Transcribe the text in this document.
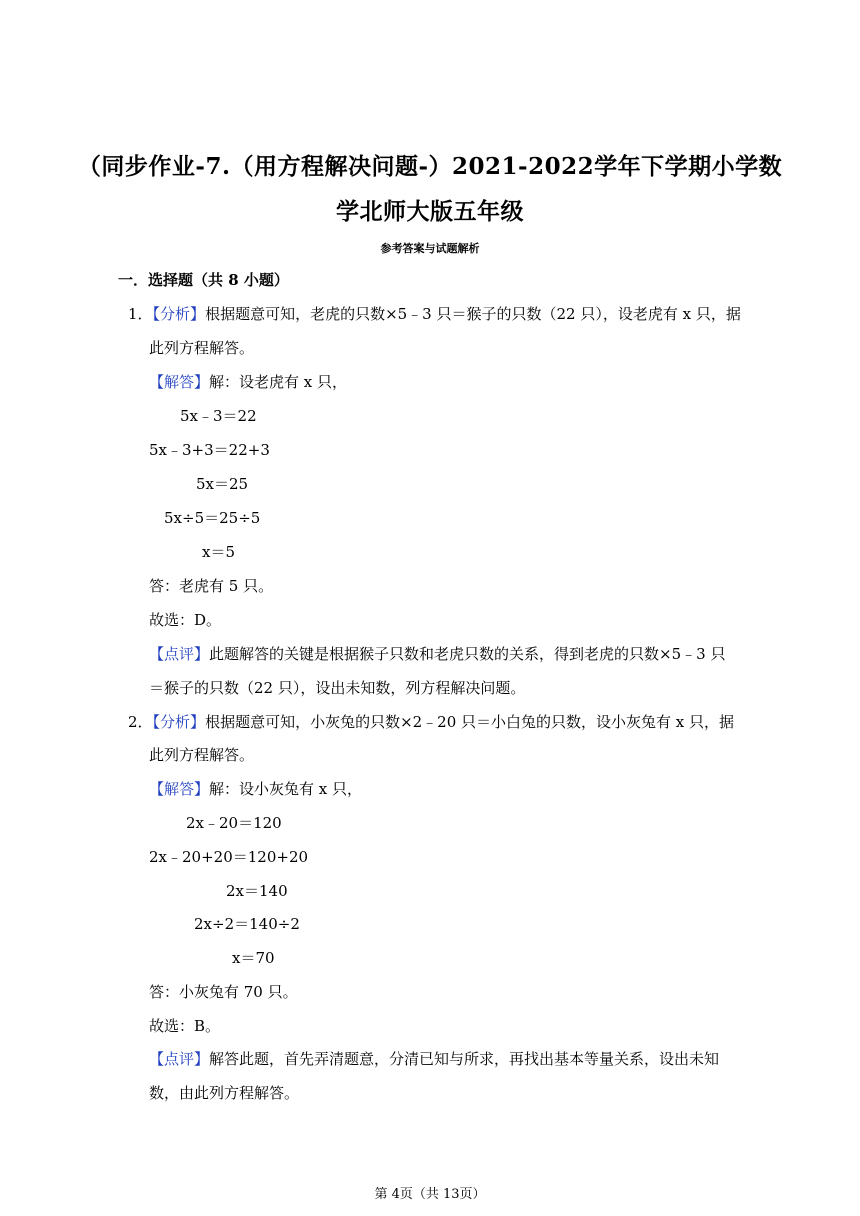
（同步作业-7.（用方程解决问题-）2021-2022学年下学期小学数
学北师大版五年级
参考答案与试题解析
一．选择题（共 8 小题）
1．【分析】根据题意可知，老虎的只数×5﹣3 只＝猴子的只数（22 只），设老虎有 x 只，据
此列方程解答。
【解答】解：设老虎有 x 只，
5x﹣3＝22
5x﹣3+3＝22+3
5x＝25
5x÷5＝25÷5
x＝5
答：老虎有 5 只。
故选：D。
【点评】此题解答的关键是根据猴子只数和老虎只数的关系，得到老虎的只数×5﹣3 只
＝猴子的只数（22 只），设出未知数，列方程解决问题。
2．【分析】根据题意可知，小灰兔的只数×2﹣20 只＝小白兔的只数，设小灰兔有 x 只，据
此列方程解答。
【解答】解：设小灰兔有 x 只，
2x﹣20＝120
2x﹣20+20＝120+20
2x＝140
2x÷2＝140÷2
x＝70
答：小灰兔有 70 只。
故选：B。
【点评】解答此题，首先弄清题意，分清已知与所求，再找出基本等量关系，设出未知
数，由此列方程解答。
第 4页（共 13页）
